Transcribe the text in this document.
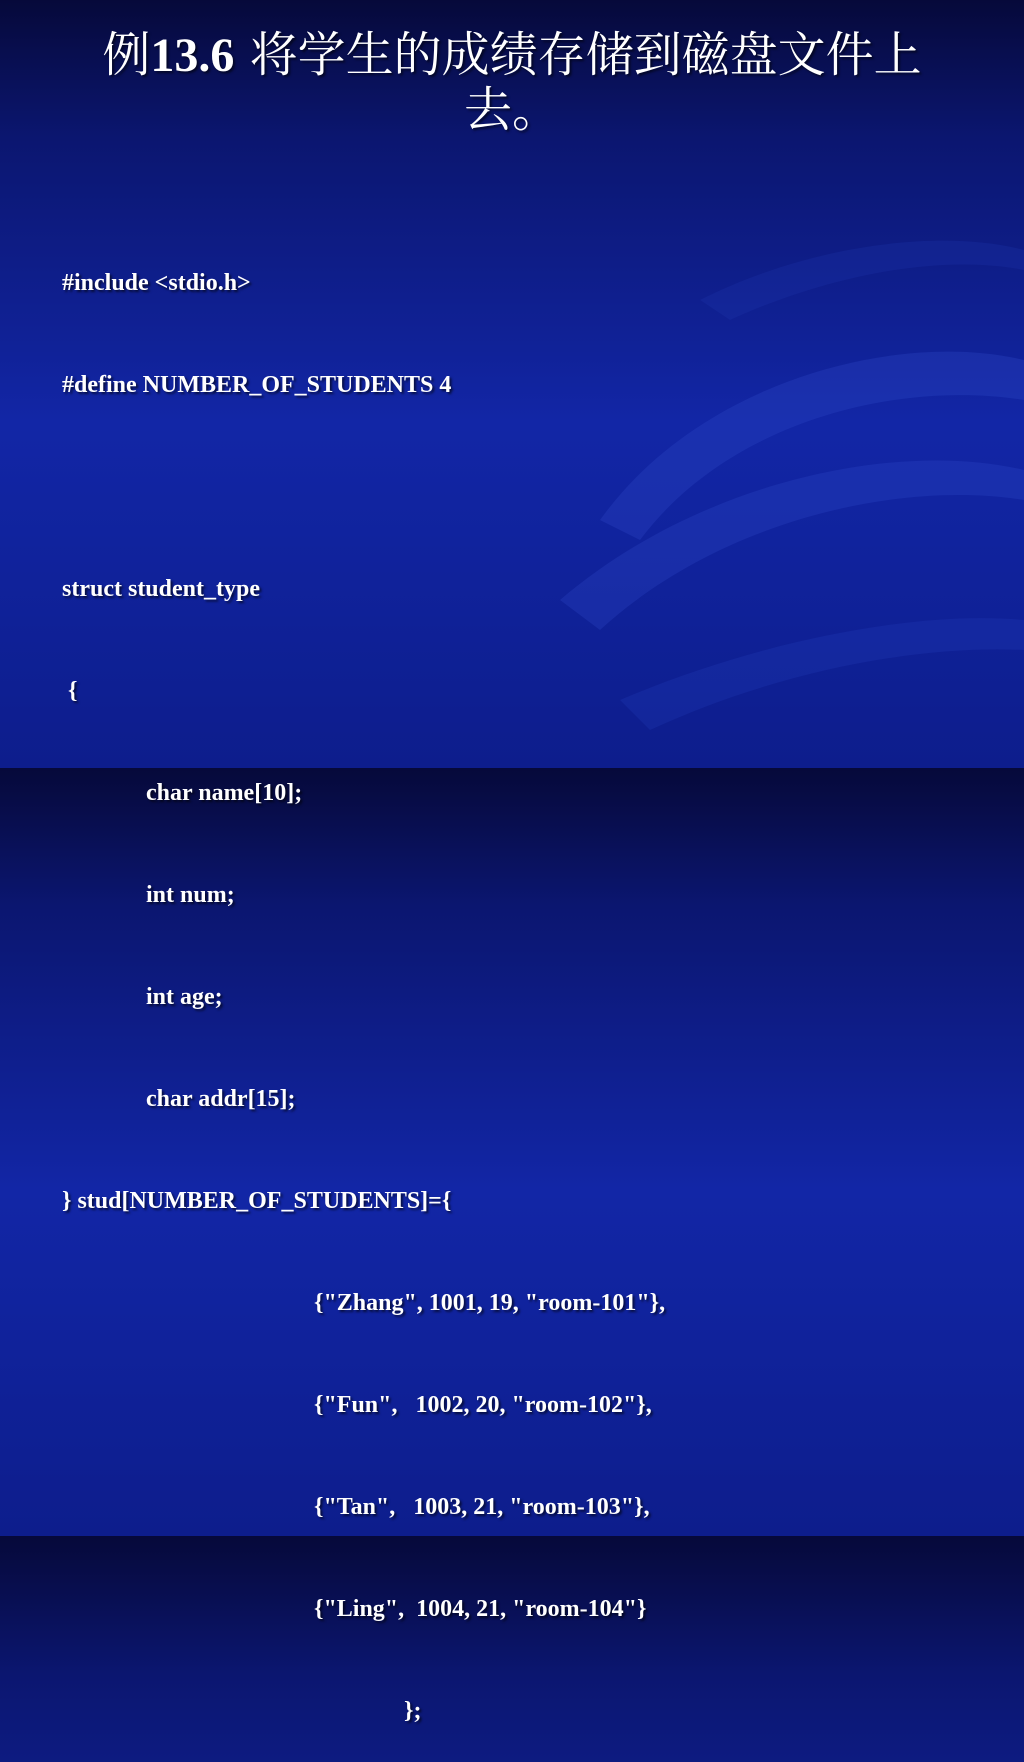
例13.6 将学生的成绩存储到磁盘文件上
去。

#include <stdio.h>

#define NUMBER_OF_STUDENTS 4

struct student_type

{

char name[10];

int num;

int age;

char addr[15];

} stud[NUMBER_OF_STUDENTS]={

{"Zhang", 1001, 19, "room-101"},

{"Fun",   1002, 20, "room-102"},

{"Tan",   1003, 21, "room-103"},

{"Ling",  1004, 21, "room-104"}

};
